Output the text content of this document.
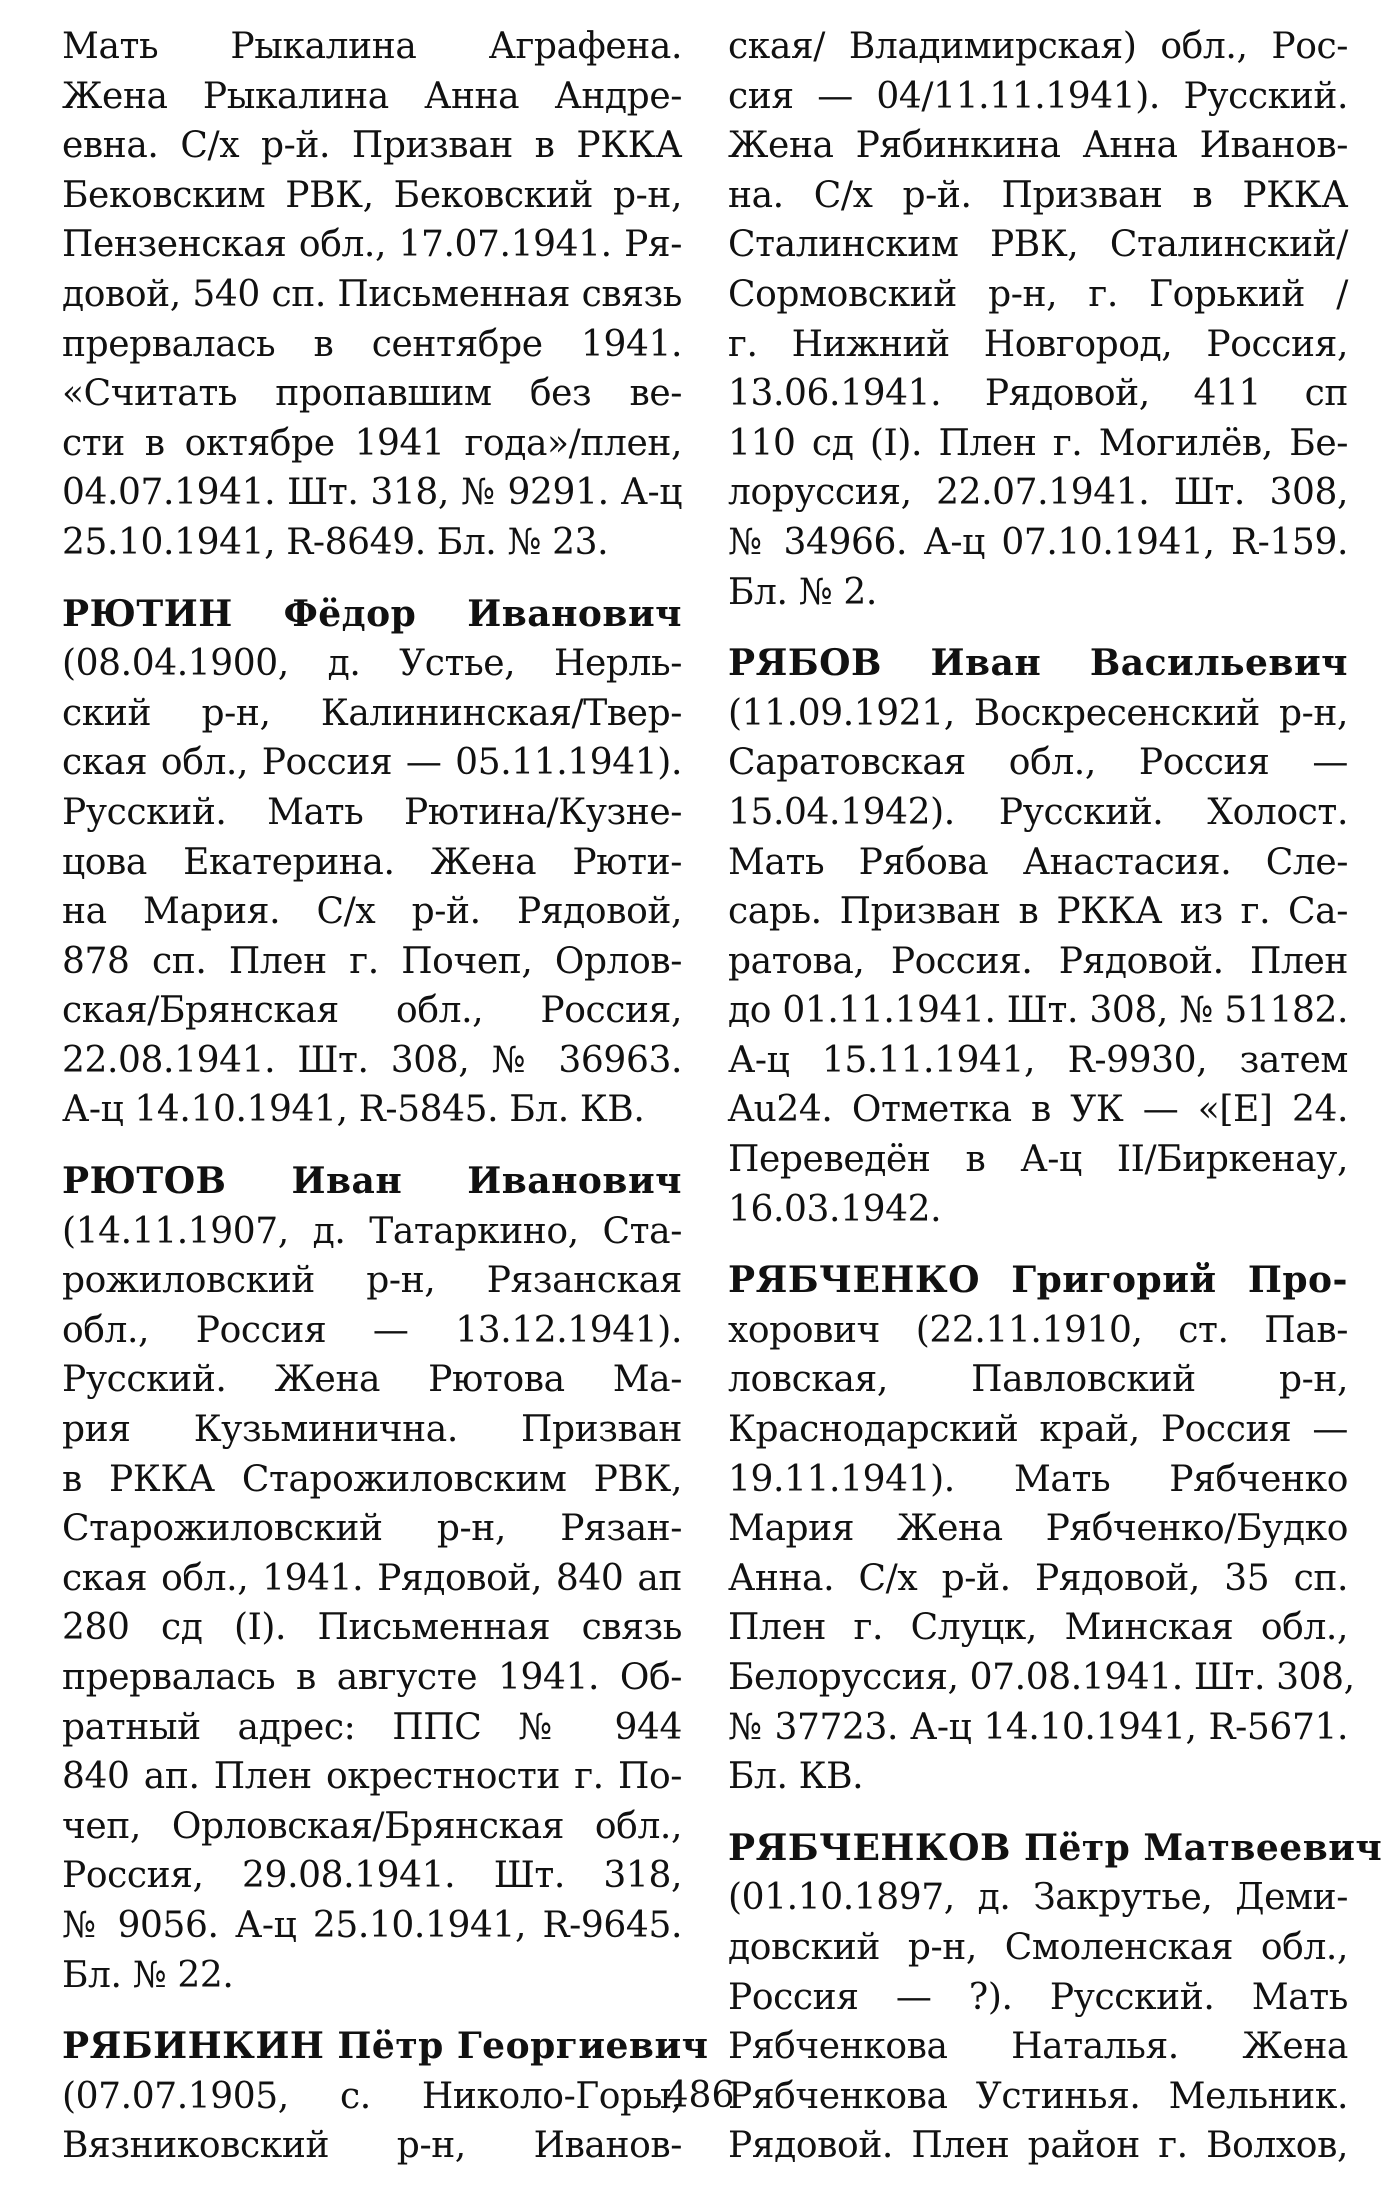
Мать Рыкалина Аграфена.
Жена Рыкалина Анна Андре-
евна. С/х р-й. Призван в РККА
Бековским РВК, Бековский р-н,
Пензенская обл., 17.07.1941. Ря-
довой, 540 сп. Письменная связь
прервалась в сентябре 1941.
«Считать пропавшим без ве-
сти в октябре 1941 года»/плен,
04.07.1941. Шт. 318, № 9291. А-ц
25.10.1941, R-8649. Бл. № 23.
РЮТИН Фёдор Иванович
(08.04.1900, д. Устье, Нерль-
ский р-н, Калининская/Твер-
ская обл., Россия — 05.11.1941).
Русский. Мать Рютина/Кузне-
цова Екатерина. Жена Рюти-
на Мария. С/х р-й. Рядовой,
878 сп. Плен г. Почеп, Орлов-
ская/Брянская обл., Россия,
22.08.1941. Шт. 308, № 36963.
А-ц 14.10.1941, R-5845. Бл. КВ.
РЮТОВ Иван Иванович
(14.11.1907, д. Татаркино, Ста-
рожиловский р-н, Рязанская
обл., Россия — 13.12.1941).
Русский. Жена Рютова Ма-
рия Кузьминична. Призван
в РККА Старожиловским РВК,
Старожиловский р-н, Рязан-
ская обл., 1941. Рядовой, 840 ап
280 сд (I). Письменная связь
прервалась в августе 1941. Об-
ратный адрес: ППС № 944
840 ап. Плен окрестности г. По-
чеп, Орловская/Брянская обл.,
Россия, 29.08.1941. Шт. 318,
№ 9056. А-ц 25.10.1941, R-9645.
Бл. № 22.
РЯБИНКИН Пётр Георгиевич
(07.07.1905, с. Николо-Горы,
Вязниковский р-н, Иванов-
ская/ Владимирская) обл., Рос-
сия — 04/11.11.1941). Русский.
Жена Рябинкина Анна Иванов-
на. С/х р-й. Призван в РККА
Сталинским РВК, Сталинский/
Сормовский р-н, г. Горький /
г. Нижний Новгород, Россия,
13.06.1941. Рядовой, 411 сп
110 сд (I). Плен г. Могилёв, Бе-
лоруссия, 22.07.1941. Шт. 308,
№ 34966. А-ц 07.10.1941, R-159.
Бл. № 2.
РЯБОВ Иван Васильевич
(11.09.1921, Воскресенский р-н,
Саратовская обл., Россия —
15.04.1942). Русский. Холост.
Мать Рябова Анастасия. Сле-
сарь. Призван в РККА из г. Са-
ратова, Россия. Рядовой. Плен
до 01.11.1941. Шт. 308, № 51182.
А-ц 15.11.1941, R-9930, затем
Au24. Отметка в УК — «[E] 24.
Переведён в А-ц II/Биркенау,
16.03.1942.
РЯБЧЕНКО Григорий Про-
хорович (22.11.1910, ст. Пав-
ловская, Павловский р-н,
Краснодарский край, Россия —
19.11.1941). Мать Рябченко
Мария Жена Рябченко/Будко
Анна. С/х р-й. Рядовой, 35 сп.
Плен г. Слуцк, Минская обл.,
Белоруссия, 07.08.1941. Шт. 308,
№ 37723. А-ц 14.10.1941, R-5671.
Бл. КВ.
РЯБЧЕНКОВ Пётр Матвеевич
(01.10.1897, д. Закрутье, Деми-
довский р-н, Смоленская обл.,
Россия — ?). Русский. Мать
Рябченкова Наталья. Жена
Рябченкова Устинья. Мельник.
Рядовой. Плен район г. Волхов,
486
